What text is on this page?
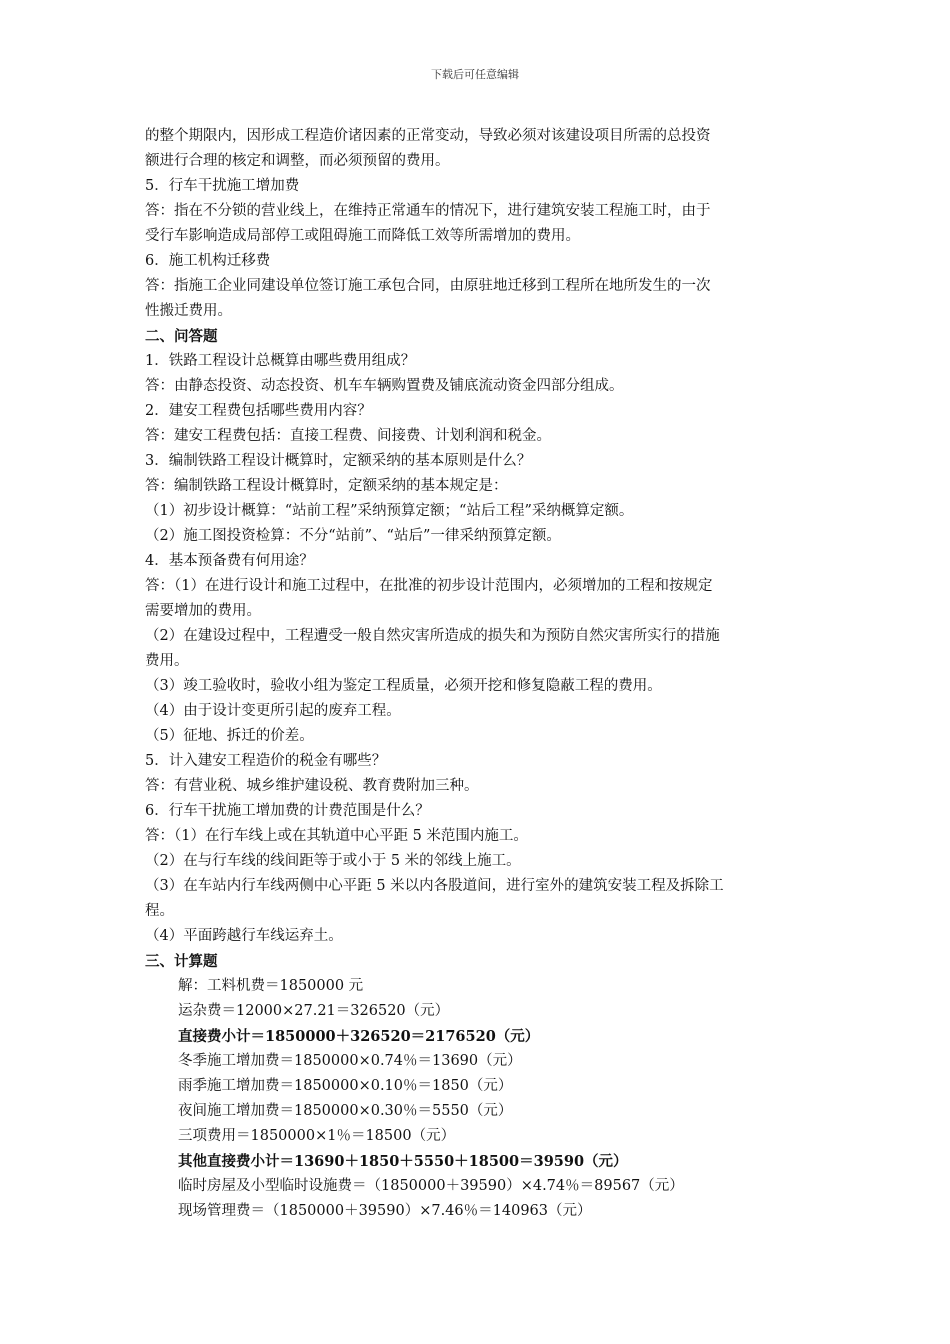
下载后可任意编辑
的整个期限内，因形成工程造价诸因素的正常变动，导致必须对该建设项目所需的总投资
额进行合理的核定和调整，而必须预留的费用。
5．行车干扰施工增加费
答：指在不分锁的营业线上，在维持正常通车的情况下，进行建筑安装工程施工时，由于
受行车影响造成局部停工或阻碍施工而降低工效等所需增加的费用。
6．施工机构迁移费
答：指施工企业同建设单位签订施工承包合同，由原驻地迁移到工程所在地所发生的一次
性搬迁费用。
二、问答题
1．铁路工程设计总概算由哪些费用组成？
答：由静态投资、动态投资、机车车辆购置费及铺底流动资金四部分组成。
2．建安工程费包括哪些费用内容？
答：建安工程费包括：直接工程费、间接费、计划利润和税金。
3．编制铁路工程设计概算时，定额采纳的基本原则是什么？
答：编制铁路工程设计概算时，定额采纳的基本规定是：
（1）初步设计概算：“站前工程”采纳预算定额；“站后工程”采纳概算定额。
（2）施工图投资检算：不分“站前”、“站后”一律采纳预算定额。
4．基本预备费有何用途？
答：（1）在进行设计和施工过程中，在批准的初步设计范围内，必须增加的工程和按规定
需要增加的费用。
（2）在建设过程中，工程遭受一般自然灾害所造成的损失和为预防自然灾害所实行的措施
费用。
（3）竣工验收时，验收小组为鉴定工程质量，必须开挖和修复隐蔽工程的费用。
（4）由于设计变更所引起的废弃工程。
（5）征地、拆迁的价差。
5．计入建安工程造价的税金有哪些？
答：有营业税、城乡维护建设税、教育费附加三种。
6．行车干扰施工增加费的计费范围是什么？
答：（1）在行车线上或在其轨道中心平距 5 米范围内施工。
（2）在与行车线的线间距等于或小于 5 米的邻线上施工。
（3）在车站内行车线两侧中心平距 5 米以内各股道间，进行室外的建筑安装工程及拆除工
程。
（4）平面跨越行车线运弃土。
三、计算题
解：工料机费＝1850000 元
运杂费＝12000×27.21＝326520（元）
直接费小计＝1850000＋326520＝2176520（元）
冬季施工增加费＝1850000×0.74％＝13690（元）
雨季施工增加费＝1850000×0.10％＝1850（元）
夜间施工增加费＝1850000×0.30％＝5550（元）
三项费用＝1850000×1％＝18500（元）
其他直接费小计＝13690＋1850＋5550＋18500＝39590（元）
临时房屋及小型临时设施费＝（1850000＋39590）×4.74％＝89567（元）
现场管理费＝（1850000＋39590）×7.46％＝140963（元）
